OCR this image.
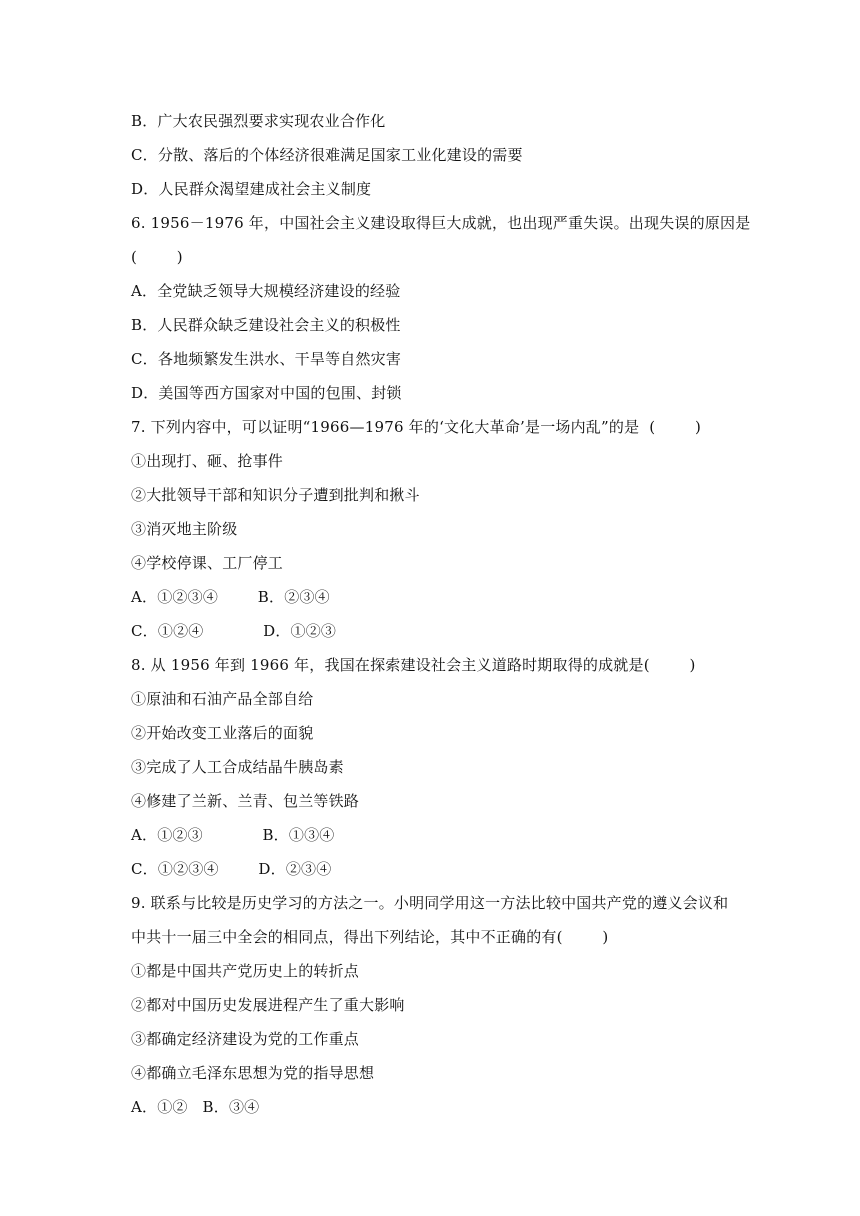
B．广大农民强烈要求实现农业合作化
C．分散、落后的个体经济很难满足国家工业化建设的需要
D．人民群众渴望建成社会主义制度
6. 1956－1976 年，中国社会主义建设取得巨大成就，也出现严重失误。出现失误的原因是
(        )
A．全党缺乏领导大规模经济建设的经验
B．人民群众缺乏建设社会主义的积极性
C．各地频繁发生洪水、干旱等自然灾害
D．美国等西方国家对中国的包围、封锁
7. 下列内容中，可以证明“1966—1976 年的‘文化大革命’是一场内乱”的是  (        )
①出现打、砸、抢事件
②大批领导干部和知识分子遭到批判和揪斗
③消灭地主阶级
④学校停课、工厂停工
A．①②③④        B．②③④
C．①②④            D．①②③
8. 从 1956 年到 1966 年，我国在探索建设社会主义道路时期取得的成就是(        )
①原油和石油产品全部自给
②开始改变工业落后的面貌
③完成了人工合成结晶牛胰岛素
④修建了兰新、兰青、包兰等铁路
A．①②③            B．①③④
C．①②③④        D．②③④
9. 联系与比较是历史学习的方法之一。小明同学用这一方法比较中国共产党的遵义会议和
中共十一届三中全会的相同点，得出下列结论，其中不正确的有(        )
①都是中国共产党历史上的转折点
②都对中国历史发展进程产生了重大影响
③都确定经济建设为党的工作重点
④都确立毛泽东思想为党的指导思想
A．①②   B．③④
